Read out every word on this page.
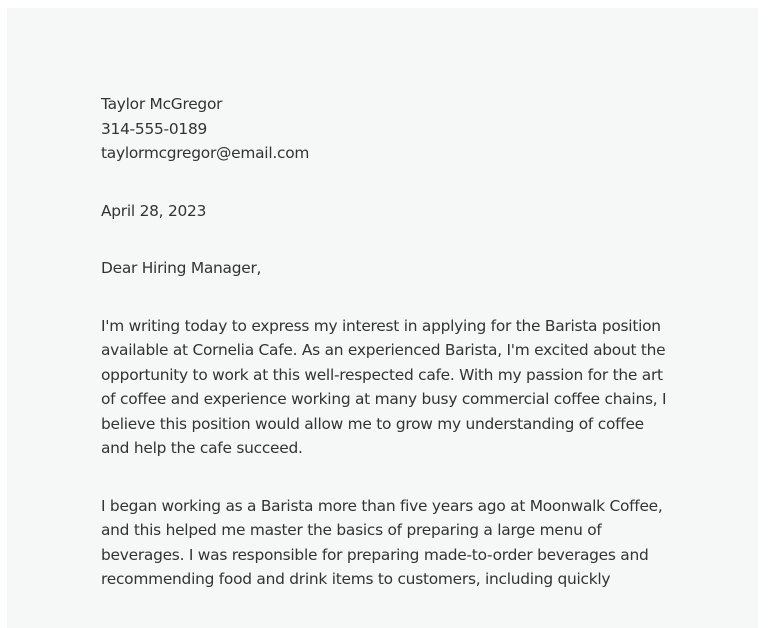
Taylor McGregor
314-555-0189
taylormcgregor@email.com

April 28, 2023

Dear Hiring Manager,

I'm writing today to express my interest in applying for the Barista position available at Cornelia Cafe. As an experienced Barista, I'm excited about the opportunity to work at this well-respected cafe. With my passion for the art of coffee and experience working at many busy commercial coffee chains, I believe this position would allow me to grow my understanding of coffee and help the cafe succeed.

I began working as a Barista more than five years ago at Moonwalk Coffee, and this helped me master the basics of preparing a large menu of beverages. I was responsible for preparing made-to-order beverages and recommending food and drink items to customers, including quickly
